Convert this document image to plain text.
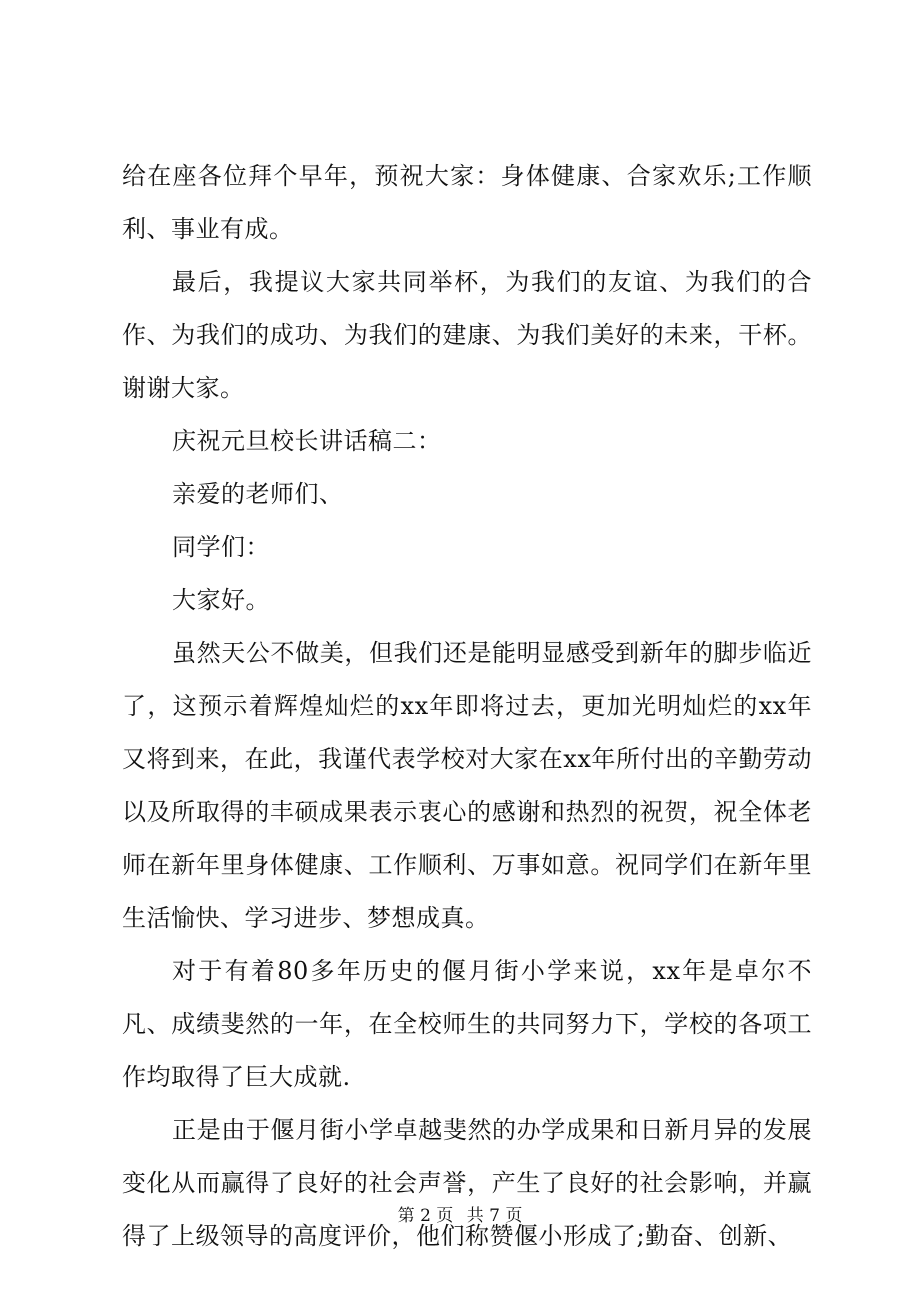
给在座各位拜个早年，预祝大家：身体健康、合家欢乐;工作顺利、事业有成。

最后，我提议大家共同举杯，为我们的友谊、为我们的合作、为我们的成功、为我们的建康、为我们美好的未来，干杯。谢谢大家。

庆祝元旦校长讲话稿二：

亲爱的老师们、

同学们：

大家好。

虽然天公不做美，但我们还是能明显感受到新年的脚步临近了，这预示着辉煌灿烂的xx年即将过去，更加光明灿烂的xx年又将到来，在此，我谨代表学校对大家在xx年所付出的辛勤劳动以及所取得的丰硕成果表示衷心的感谢和热烈的祝贺，祝全体老师在新年里身体健康、工作顺利、万事如意。祝同学们在新年里生活愉快、学习进步、梦想成真。

对于有着80多年历史的偃月街小学来说，xx年是卓尔不凡、成绩斐然的一年，在全校师生的共同努力下，学校的各项工作均取得了巨大成就.

正是由于偃月街小学卓越斐然的办学成果和日新月异的发展变化从而赢得了良好的社会声誉，产生了良好的社会影响，并赢得了上级领导的高度评价，他们称赞偃小形成了;勤奋、创新、

第 2 页 共 7 页
